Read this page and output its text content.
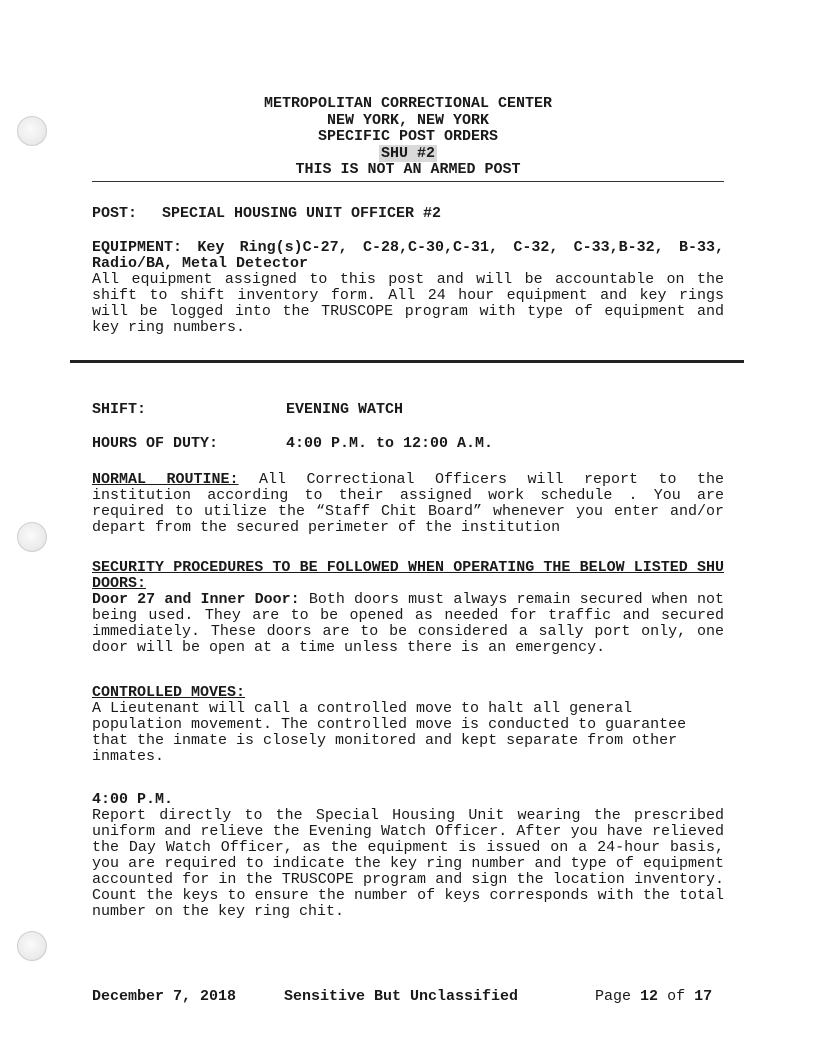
METROPOLITAN CORRECTIONAL CENTER
NEW YORK, NEW YORK
SPECIFIC POST ORDERS
SHU #2
THIS IS NOT AN ARMED POST
POST: SPECIAL HOUSING UNIT OFFICER #2

EQUIPMENT: Key Ring(s)C-27, C-28,C-30,C-31, C-32, C-33,B-32, B-33, Radio/BA, Metal Detector

All equipment assigned to this post and will be accountable on the shift to shift inventory form. All 24 hour equipment and key rings will be logged into the TRUSCOPE program with type of equipment and key ring numbers.

SHIFT:	EVENING WATCH
HOURS OF DUTY:	4:00 P.M. to 12:00 A.M.

NORMAL ROUTINE: All Correctional Officers will report to the institution according to their assigned work schedule . You are required to utilize the “Staff Chit Board” whenever you enter and/or depart from the secured perimeter of the institution

SECURITY PROCEDURES TO BE FOLLOWED WHEN OPERATING THE BELOW LISTED SHU DOORS:

Door 27 and Inner Door: Both doors must always remain secured when not being used. They are to be opened as needed for traffic and secured immediately. These doors are to be considered a sally port only, one door will be open at a time unless there is an emergency.

CONTROLLED MOVES:

A Lieutenant will call a controlled move to halt all general population movement. The controlled move is conducted to guarantee that the inmate is closely monitored and kept separate from other inmates.

4:00 P.M.

Report directly to the Special Housing Unit wearing the prescribed uniform and relieve the Evening Watch Officer. After you have relieved the Day Watch Officer, as the equipment is issued on a 24-hour basis, you are required to indicate the key ring number and type of equipment accounted for in the TRUSCOPE program and sign the location inventory. Count the keys to ensure the number of keys corresponds with the total number on the key ring chit.

December 7, 2018	Sensitive But Unclassified	Page 12 of 17
